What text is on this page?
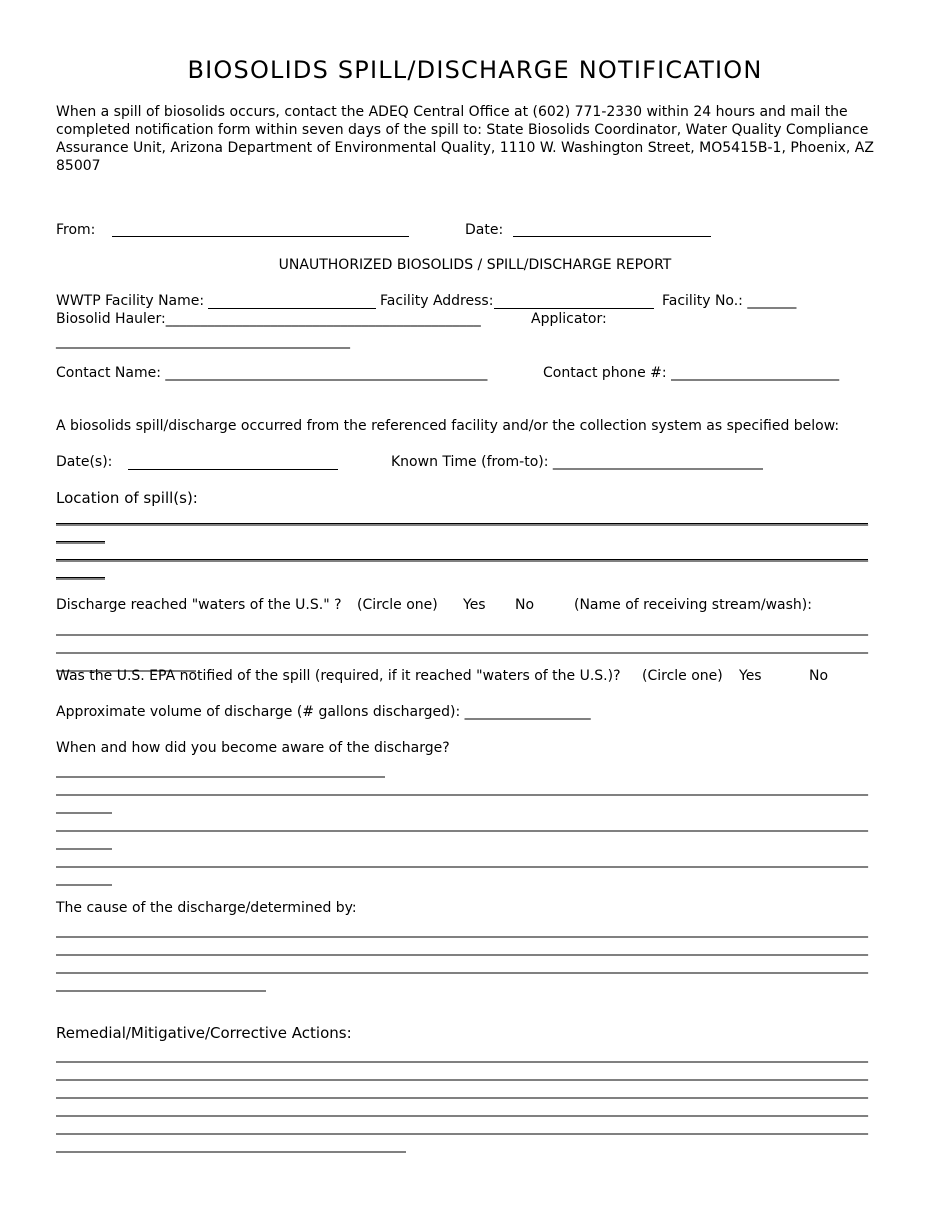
BIOSOLIDS SPILL/DISCHARGE NOTIFICATION
When a spill of biosolids occurs, contact the ADEQ Central Office at (602) 771-2330 within 24 hours and mail the completed notification form within seven days of the spill to: State Biosolids Coordinator, Water Quality Compliance Assurance Unit, Arizona Department of Environmental Quality, 1110 W. Washington Street, MO5415B-1, Phoenix, AZ 85007
From:	Date:
UNAUTHORIZED BIOSOLIDS / SPILL/DISCHARGE REPORT
WWTP Facility Name:	Facility Address:	Facility No.: _______
Biosolid Hauler:_____________________________________________	Applicator:
__________________________________________
Contact Name: ______________________________________________	Contact phone #: ________________________
A biosolids spill/discharge occurred from the referenced facility and/or the collection system as specified below:
Date(s):	Known Time (from-to): ______________________________
Location of spill(s):
____________________________________________________________________________________________________________________
_______
____________________________________________________________________________________________________________________
_______
Discharge reached "waters of the U.S." ? (Circle one) Yes No	(Name of receiving stream/wash):
____________________________________________________________________________________________________________________
____________________________________________________________________________________________________________________
____________________
Was the U.S. EPA notified of the spill (required, if it reached "waters of the U.S.)? (Circle one) Yes	No
Approximate volume of discharge (# gallons discharged): __________________
When and how did you become aware of the discharge?
_______________________________________________
____________________________________________________________________________________________________________________
________
____________________________________________________________________________________________________________________
________
____________________________________________________________________________________________________________________
________
The cause of the discharge/determined by:
____________________________________________________________________________________________________________________
____________________________________________________________________________________________________________________
____________________________________________________________________________________________________________________
______________________________
Remedial/Mitigative/Corrective Actions:
____________________________________________________________________________________________________________________
____________________________________________________________________________________________________________________
____________________________________________________________________________________________________________________
____________________________________________________________________________________________________________________
____________________________________________________________________________________________________________________
__________________________________________________
